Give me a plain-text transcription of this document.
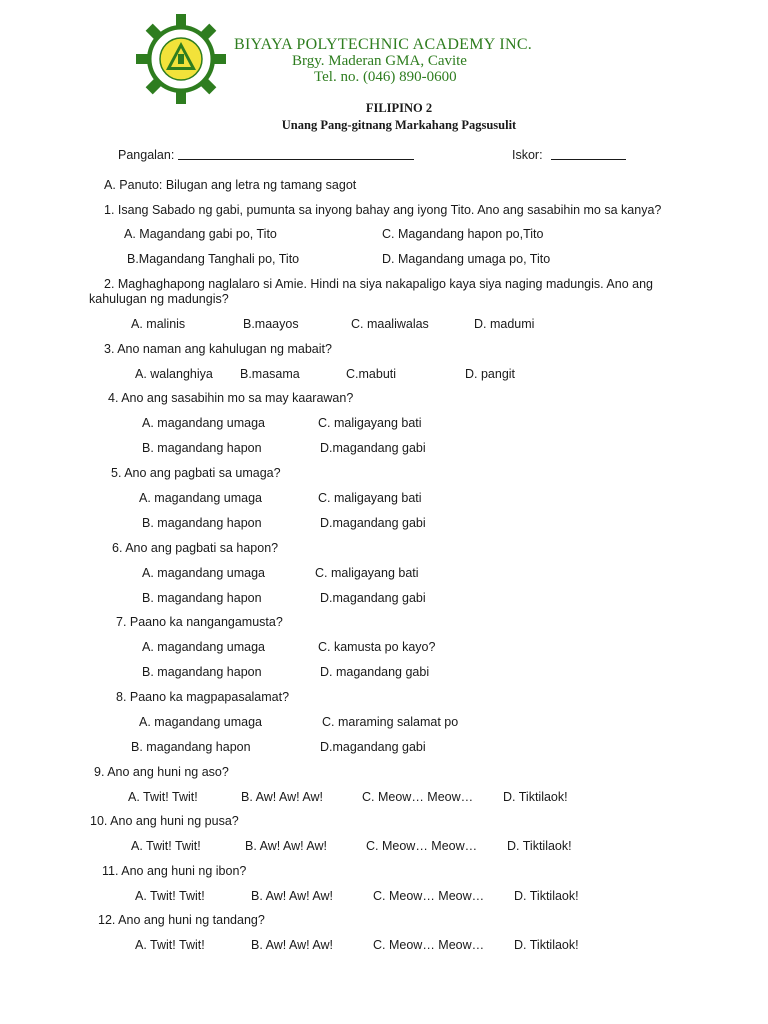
BIYAYA POLYTECHNIC ACADEMY INC.
Brgy. Maderan GMA, Cavite
Tel. no. (046) 890-0600
FILIPINO 2
Unang Pang-gitnang Markahang Pagsusulit
Pangalan:	Iskor:
A. Panuto: Bilugan ang letra ng tamang sagot
1. Isang Sabado ng gabi, pumunta sa inyong bahay ang iyong Tito. Ano ang sasabihin mo sa kanya?
A. Magandang gabi po, Tito	C. Magandang hapon po,Tito
B.Magandang Tanghali po, Tito	D. Magandang umaga po, Tito
2. Maghaghapong naglalaro si Amie. Hindi na siya nakapaligo kaya siya naging madungis. Ano ang
kahulugan ng madungis?
A. malinis	B.maayos	C. maaliwalas	D. madumi
3. Ano naman ang kahulugan ng mabait?
A. walanghiya B.masama	C.mabuti	D. pangit
4. Ano ang sasabihin mo sa may kaarawan?
A. magandang umaga	C. maligayang bati
B. magandang hapon	D.magandang gabi
5. Ano ang pagbati sa umaga?
A. magandang umaga	C. maligayang bati
B. magandang hapon	D.magandang gabi
6. Ano ang pagbati sa hapon?
A. magandang umaga	C. maligayang bati
B. magandang hapon	D.magandang gabi
7. Paano ka nangangamusta?
A. magandang umaga	C. kamusta po kayo?
B. magandang hapon	D. magandang gabi
8. Paano ka magpapasalamat?
A. magandang umaga	C. maraming salamat po
B. magandang hapon	D.magandang gabi
9. Ano ang huni ng aso?
A. Twit! Twit!	B. Aw! Aw! Aw!	C. Meow… Meow… D. Tiktilaok!
10. Ano ang huni ng pusa?
A. Twit! Twit!	B. Aw! Aw! Aw!	C. Meow… Meow… D. Tiktilaok!
11. Ano ang huni ng ibon?
A. Twit! Twit!	B. Aw! Aw! Aw!	C. Meow… Meow… D. Tiktilaok!
12. Ano ang huni ng tandang?
A. Twit! Twit!	B. Aw! Aw! Aw!	C. Meow… Meow… D. Tiktilaok!
